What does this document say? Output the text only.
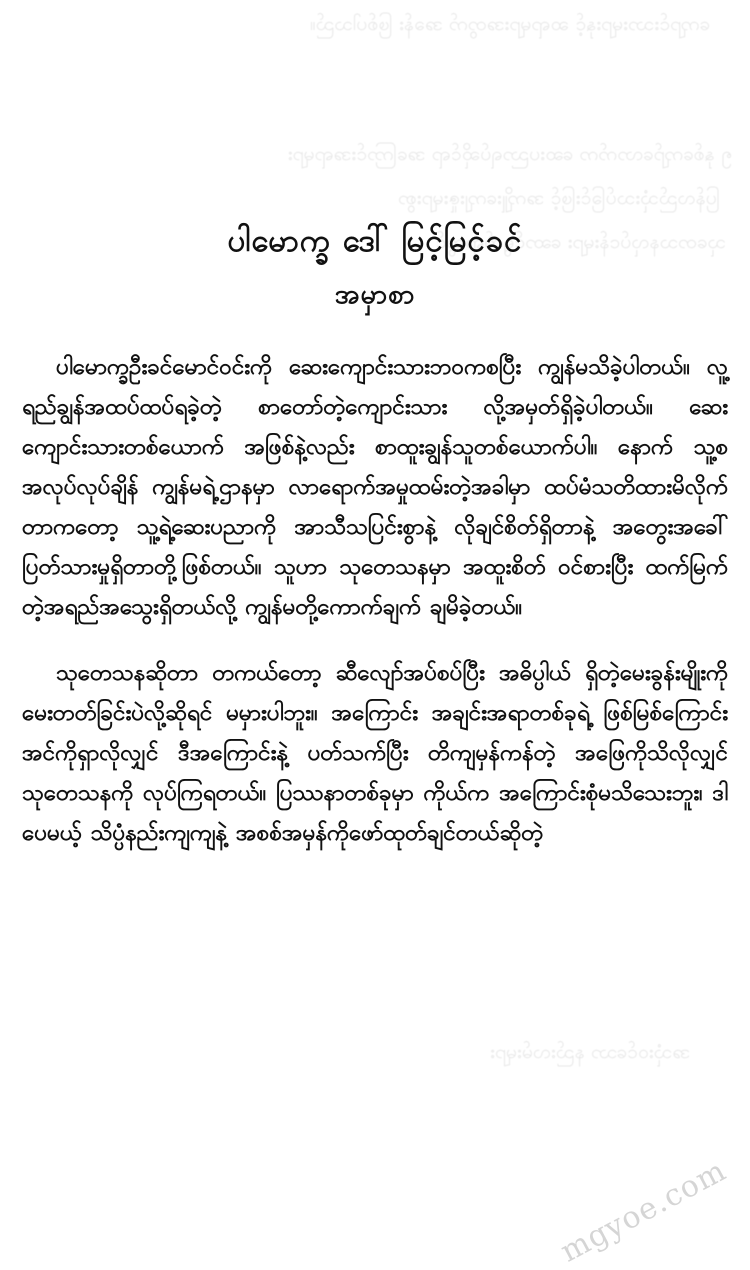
ကျောင်းသားများနှင့် ဆရာများအတွက် အခန်း ဖြစ်ပါသည်။
၅ နှစ်ကျော်လောက်က ဆေးပညာရပ်ဆိုင်ရာ အကြောင်းအရာများ
ပြန်လည်သုံးသပ်ခြင်းဖြင့် အကျိုးကျေးဇူးများစွာ
သုတေသနလုပ်ငန်းများ ဆောင်ရွက်ရာတွင်
အသုံးဝင်သော နည်းလမ်းများ
ပါမောက္ခ ဒေါ် မြင့်မြင့်ခင်
အမှာစာ

ပါမောက္ခဦးခင်မောင်ဝင်းကို ဆေးကျောင်းသားဘဝကစပြီး ကျွန်မသိခဲ့ပါတယ်။ လူ့ရည်ချွန်အထပ်ထပ်ရခဲ့တဲ့ စာတော်တဲ့ကျောင်းသား လို့အမှတ်ရှိခဲ့ပါတယ်။ ဆေးကျောင်းသားတစ်ယောက် အဖြစ်နဲ့လည်း စာထူးချွန်သူတစ်ယောက်ပါ။ နောက် သူ့စအလုပ်လုပ်ချိန် ကျွန်မရဲ့ဌာနမှာ လာရောက်အမှုထမ်းတဲ့အခါမှာ ထပ်မံသတိထားမိလိုက်တာကတော့ သူ့ရဲ့ဆေးပညာကို အာသီသပြင်းစွာနဲ့ လိုချင်စိတ်ရှိတာနဲ့ အတွေးအခေါ် ပြတ်သားမှုရှိတာတို့ဖြစ်တယ်။ သူဟာ သုတေသနမှာ အထူးစိတ် ဝင်စားပြီး ထက်မြက်တဲ့အရည်အသွေးရှိတယ်လို့ ကျွန်မတို့ကောက်ချက် ချမိခဲ့တယ်။

သုတေသနဆိုတာ တကယ်တော့ ဆီလျော်အပ်စပ်ပြီး အဓိပ္ပါယ် ရှိတဲ့မေးခွန်းမျိုးကို မေးတတ်ခြင်းပဲလို့ဆိုရင် မမှားပါဘူး။ အကြောင်း အချင်းအရာတစ်ခုရဲ့ ဖြစ်မြစ်ကြောင်းအင်ကိုရှာလိုလျှင် ဒီအကြောင်းနဲ့ ပတ်သက်ပြီး တိကျမှန်ကန်တဲ့ အဖြေကိုသိလိုလျှင် သုတေသနကို လုပ်ကြရတယ်။ ပြဿနာတစ်ခုမှာ ကိုယ်က အကြောင်းစုံမသိသေးဘူး၊ ဒါပေမယ့် သိပ္ပံနည်းကျကျနဲ့ အစစ်အမှန်ကိုဖော်ထုတ်ချင်တယ်ဆိုတဲ့

mgyoe.com
